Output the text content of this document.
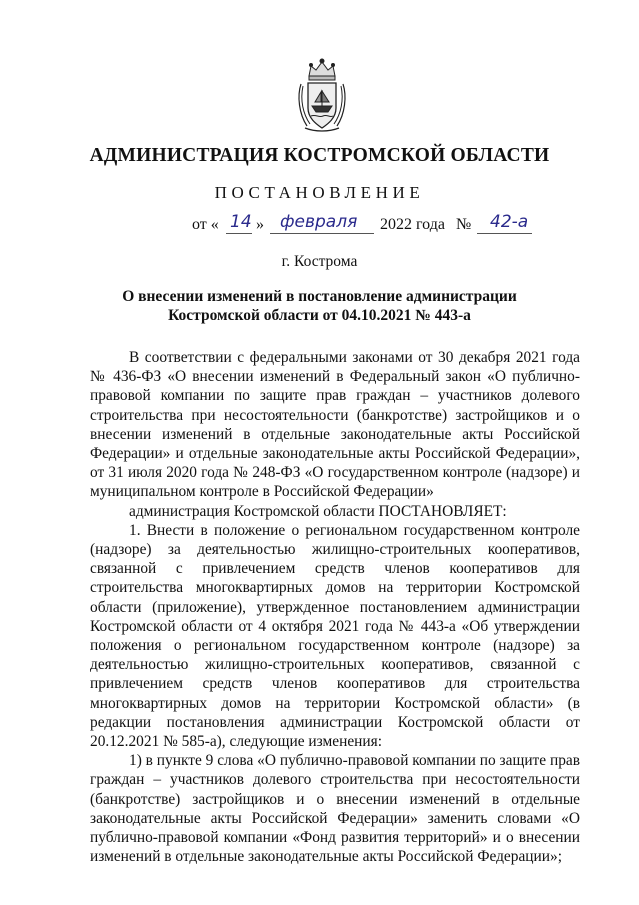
АДМИНИСТРАЦИЯ КОСТРОМСКОЙ ОБЛАСТИ
ПОСТАНОВЛЕНИЕ
от « 14 » февраля 2022 года № 42-а
г. Кострома
О внесении изменений в постановление администрации
Костромской области от 04.10.2021 № 443-а

В соответствии с федеральными законами от 30 декабря 2021 года № 436-ФЗ «О внесении изменений в Федеральный закон «О публично-правовой компании по защите прав граждан – участников долевого строительства при несостоятельности (банкротстве) застройщиков и о внесении изменений в отдельные законодательные акты Российской Федерации» и отдельные законодательные акты Российской Федерации», от 31 июля 2020 года № 248-ФЗ «О государственном контроле (надзоре) и муниципальном контроле в Российской Федерации»

администрация Костромской области ПОСТАНОВЛЯЕТ:

1. Внести в положение о региональном государственном контроле (надзоре) за деятельностью жилищно-строительных кооперативов, связанной с привлечением средств членов кооперативов для строительства многоквартирных домов на территории Костромской области (приложение), утвержденное постановлением администрации Костромской области от 4 октября 2021 года № 443-а «Об утверждении положения о региональном государственном контроле (надзоре) за деятельностью жилищно-строительных кооперативов, связанной с привлечением средств членов кооперативов для строительства многоквартирных домов на территории Костромской области» (в редакции постановления администрации Костромской области от 20.12.2021 № 585-а), следующие изменения:

1) в пункте 9 слова «О публично-правовой компании по защите прав граждан – участников долевого строительства при несостоятельности (банкротстве) застройщиков и о внесении изменений в отдельные законодательные акты Российской Федерации» заменить словами «О публично-правовой компании «Фонд развития территорий» и о внесении изменений в отдельные законодательные акты Российской Федерации»;
